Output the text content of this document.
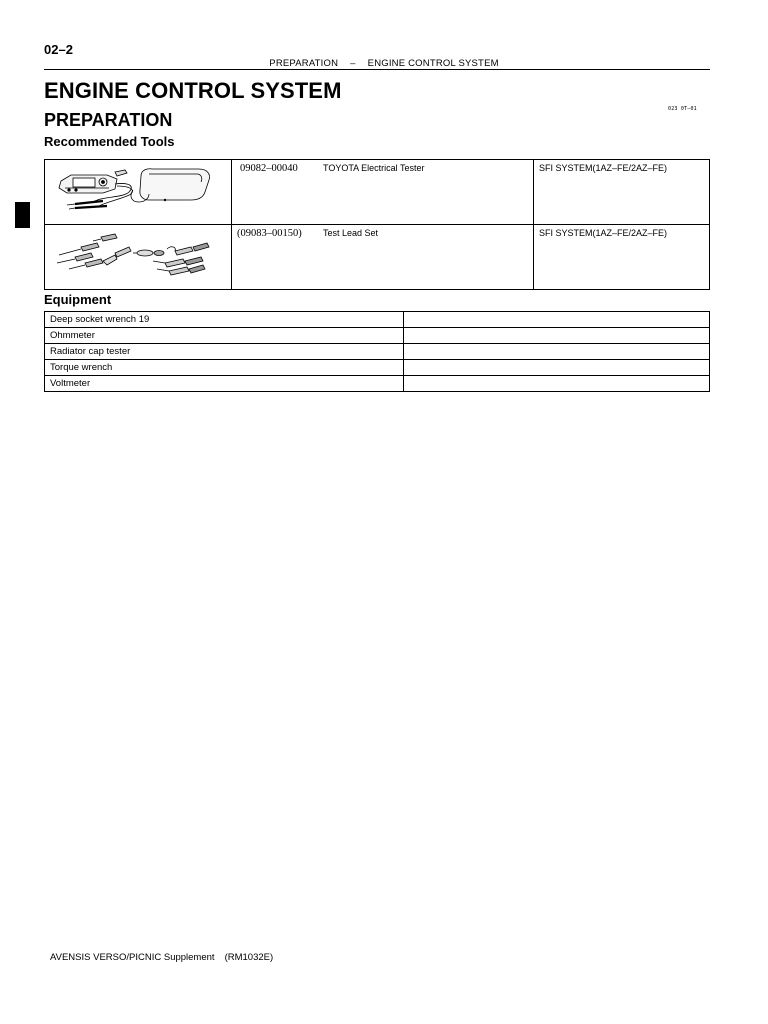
02–2
PREPARATION – ENGINE CONTROL SYSTEM
ENGINE CONTROL SYSTEM
PREPARATION
023 0T–01
Recommended Tools

09082–00040 TOYOTA Electrical Tester	SFI SYSTEM(1AZ–FE/2AZ–FE)

(09083–00150) Test Lead Set	SFI SYSTEM(1AZ–FE/2AZ–FE)
Equipment
Deep socket wrench 19	
Ohmmeter	
Radiator cap tester	
Torque wrench	
Voltmeter	
AVENSIS VERSO/PICNIC Supplement (RM1032E)
